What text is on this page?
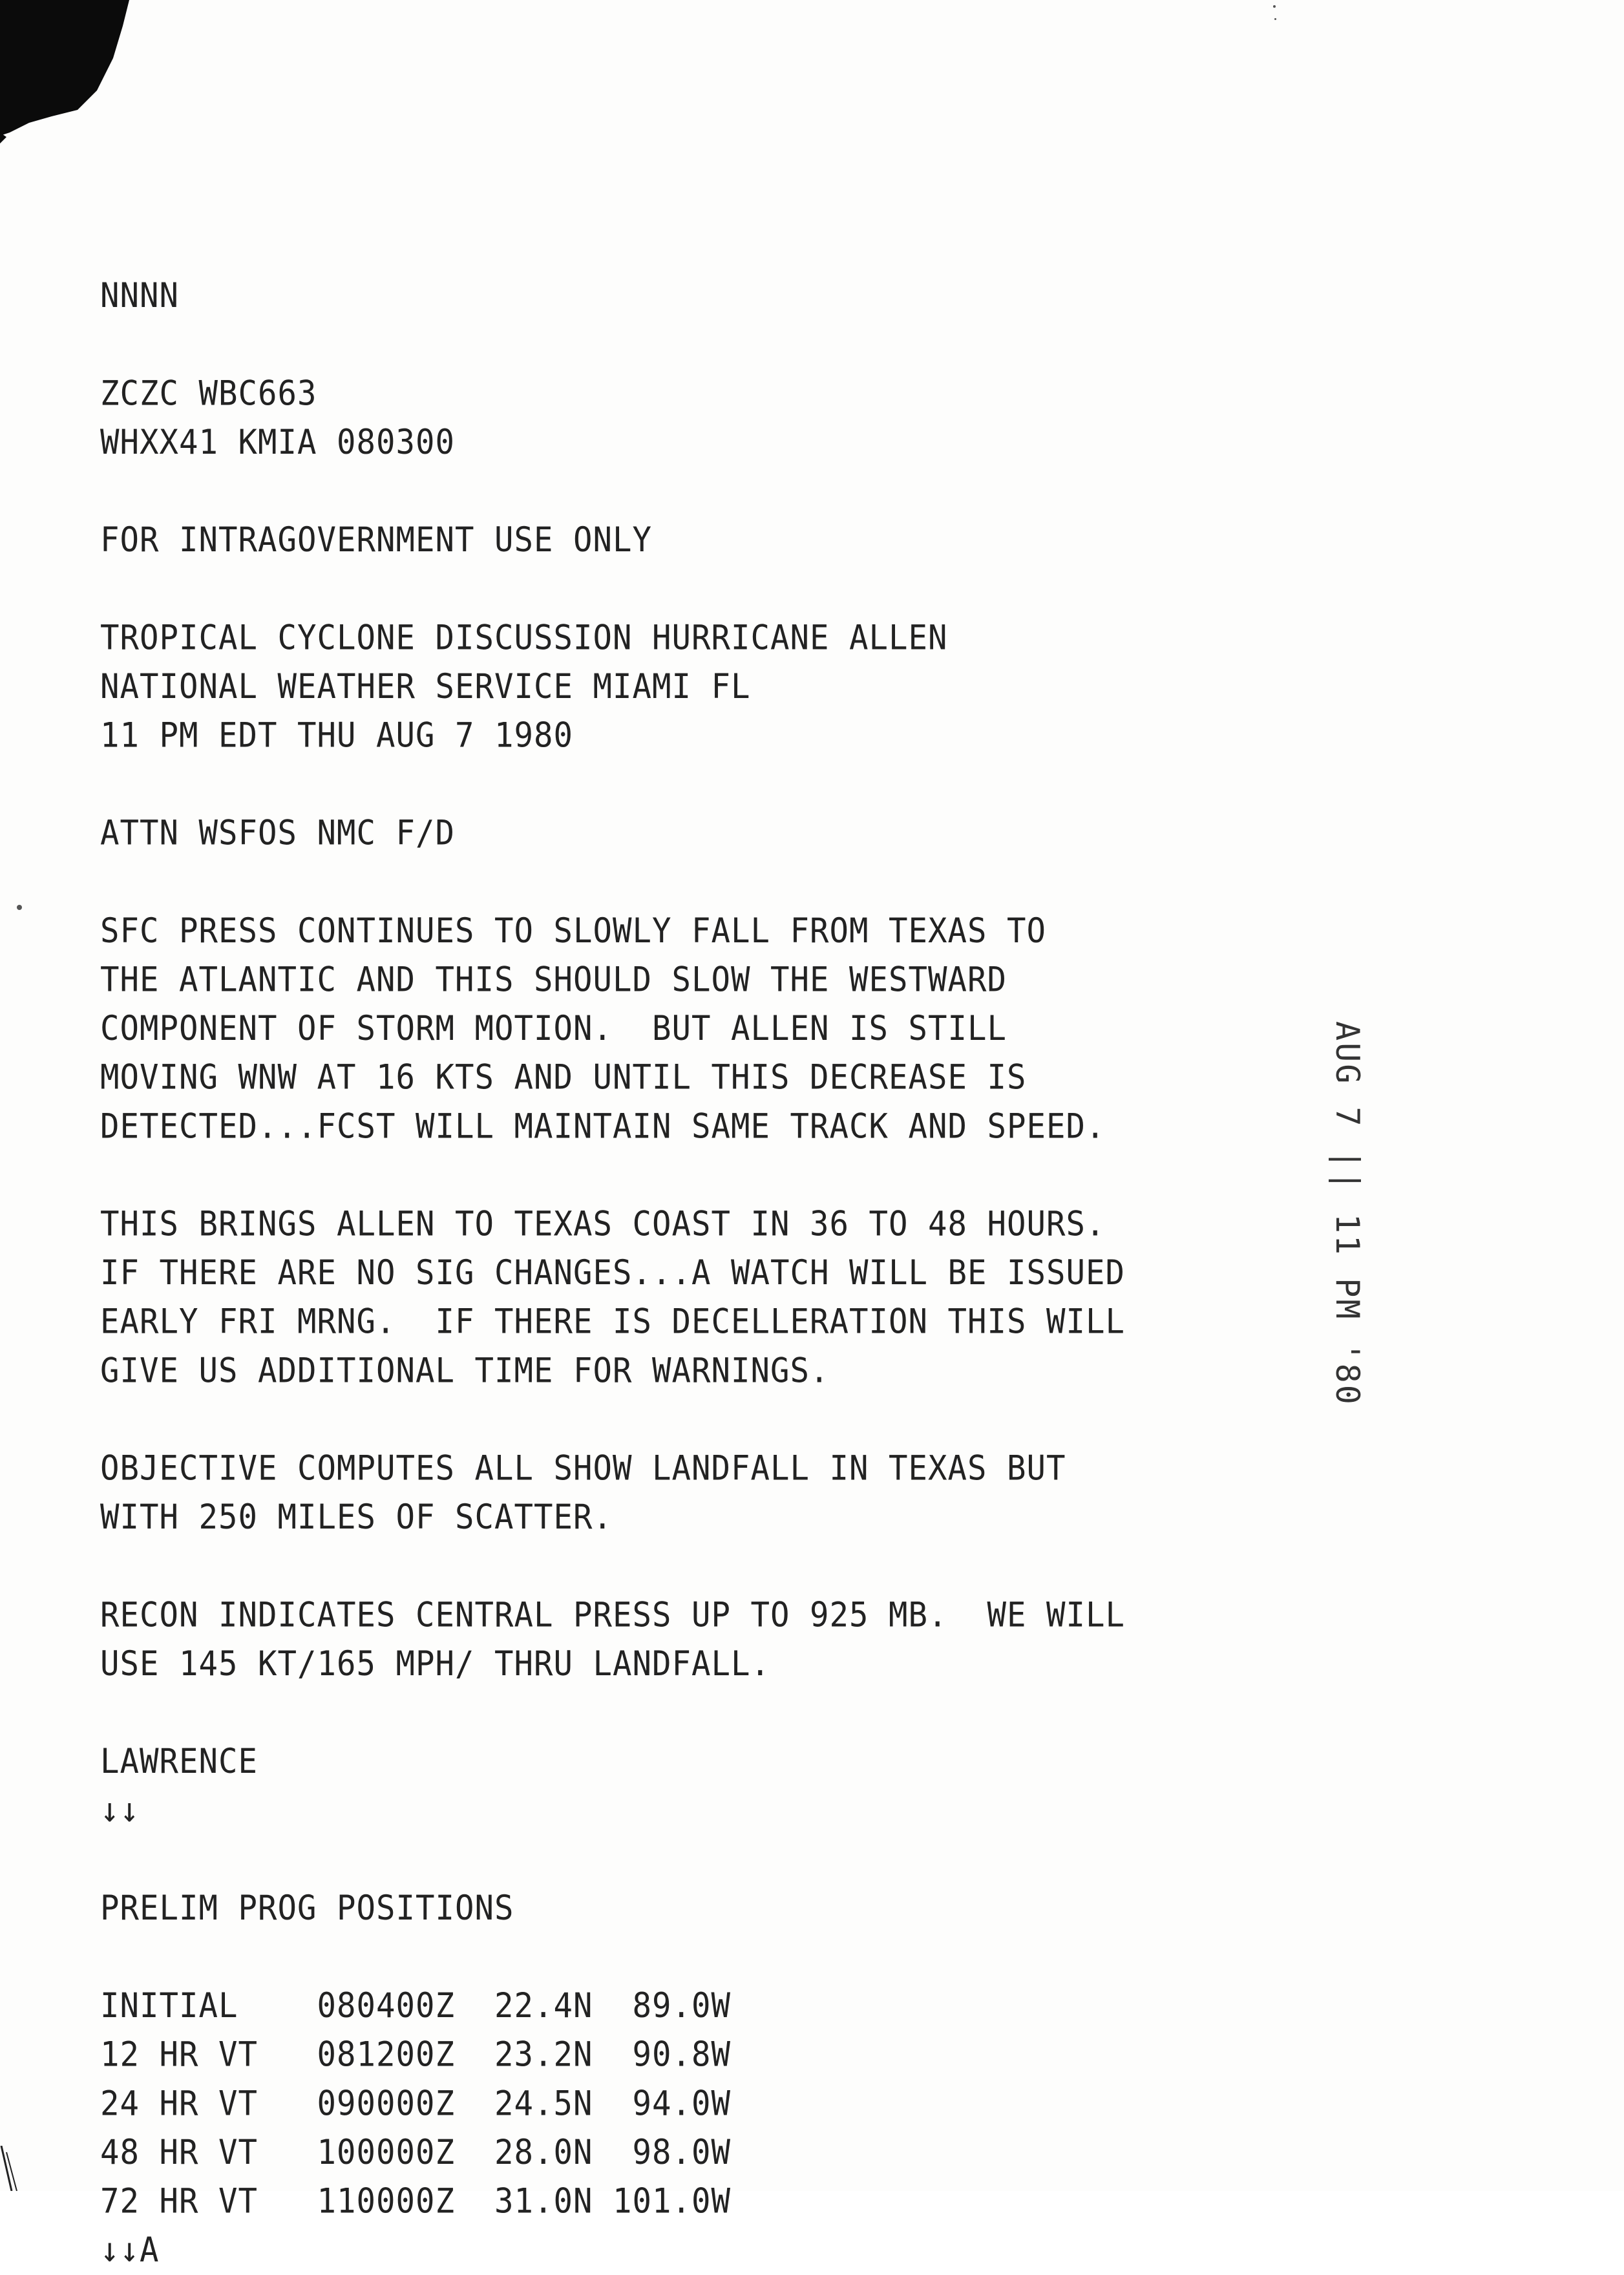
NNNN
ZCZC WBC663
WHXX41 KMIA 080300
FOR INTRAGOVERNMENT USE ONLY
TROPICAL CYCLONE DISCUSSION HURRICANE ALLEN
NATIONAL WEATHER SERVICE MIAMI FL
11 PM EDT THU AUG 7 1980
ATTN WSFOS NMC F/D
SFC PRESS CONTINUES TO SLOWLY FALL FROM TEXAS TO
THE ATLANTIC AND THIS SHOULD SLOW THE WESTWARD
COMPONENT OF STORM MOTION.  BUT ALLEN IS STILL
MOVING WNW AT 16 KTS AND UNTIL THIS DECREASE IS
DETECTED...FCST WILL MAINTAIN SAME TRACK AND SPEED.
THIS BRINGS ALLEN TO TEXAS COAST IN 36 TO 48 HOURS.
IF THERE ARE NO SIG CHANGES...A WATCH WILL BE ISSUED
EARLY FRI MRNG.  IF THERE IS DECELLERATION THIS WILL
GIVE US ADDITIONAL TIME FOR WARNINGS.
OBJECTIVE COMPUTES ALL SHOW LANDFALL IN TEXAS BUT
WITH 250 MILES OF SCATTER.
RECON INDICATES CENTRAL PRESS UP TO 925 MB.  WE WILL
USE 145 KT/165 MPH/ THRU LANDFALL.
LAWRENCE
↓↓
PRELIM PROG POSITIONS
INITIAL    080400Z  22.4N  89.0W
12 HR VT   081200Z  23.2N  90.8W
24 HR VT   090000Z  24.5N  94.0W
48 HR VT   100000Z  28.0N  98.0W
72 HR VT   110000Z  31.0N 101.0W
↓↓A
AUG 7 || 11 PM '80
